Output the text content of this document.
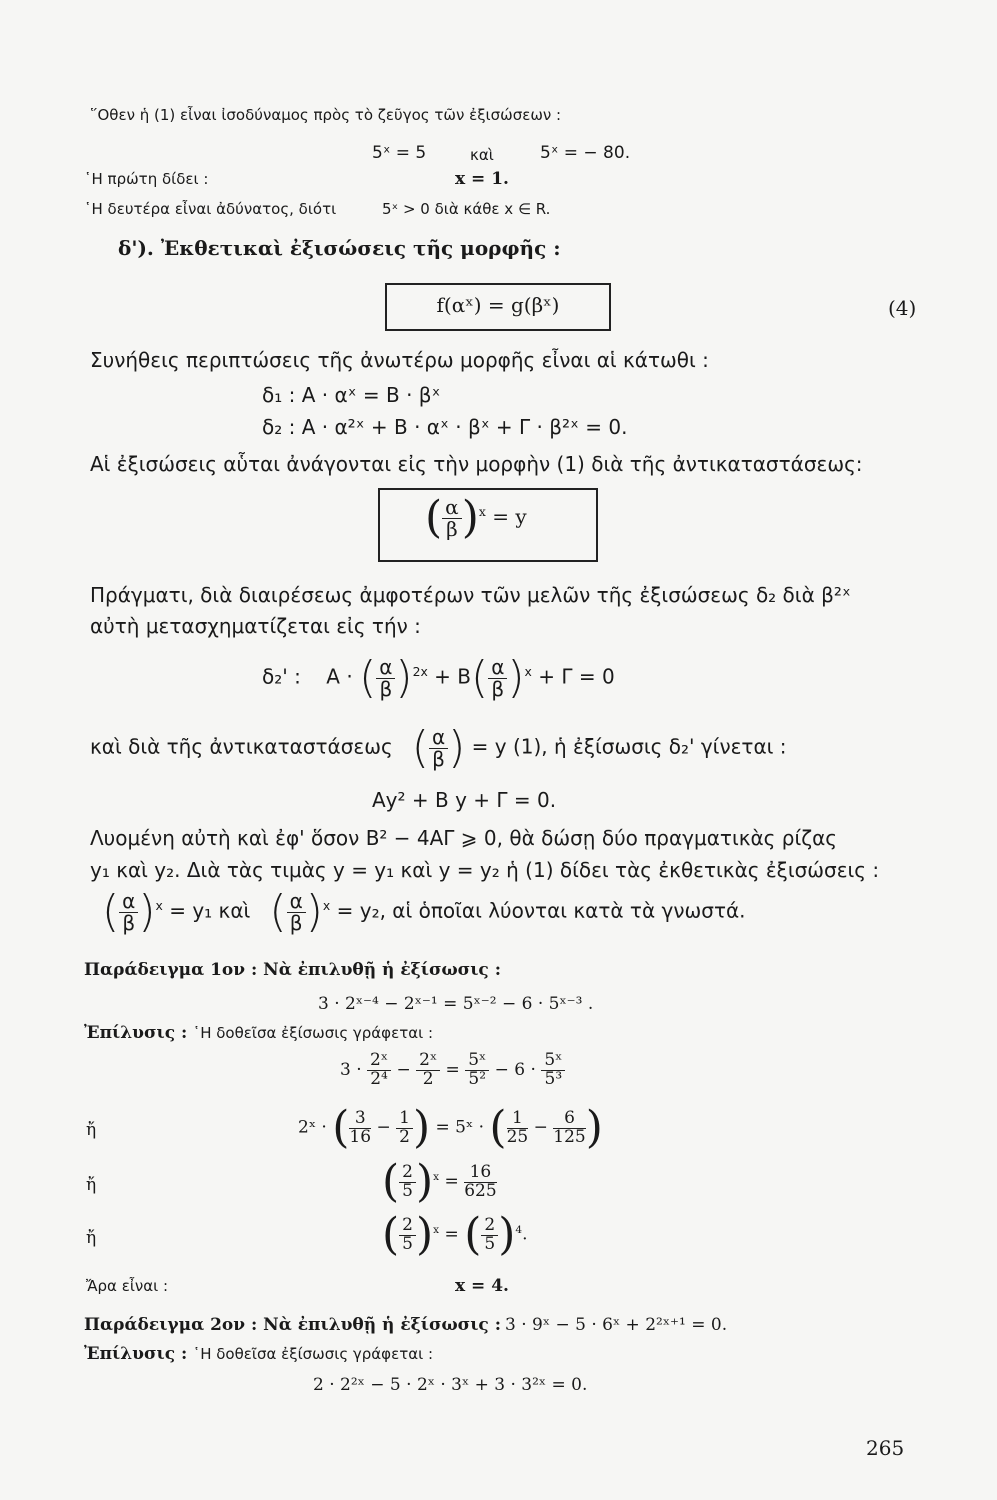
῞Οθεν ἡ (1) εἶναι ἰσοδύναμος πρὸς τὸ ζεῦγος τῶν ἐξισώσεων :
5ˣ = 5	καὶ	5ˣ = − 80.
῾Η πρώτη δίδει :	x = 1.
῾Η δευτέρα εἶναι ἀδύνατος, διότι	5ˣ > 0 διὰ κάθε x ∈ R.
δ'). Ἐκθετικαὶ ἐξισώσεις τῆς μορφῆς :
f(αˣ) = g(βˣ)	(4)
Συνήθεις περιπτώσεις τῆς ἀνωτέρω μορφῆς εἶναι αἱ κάτωθι :
δ₁ : Α · αˣ = Β · βˣ
δ₂ : Α · α²ˣ + Β · αˣ · βˣ + Γ · β²ˣ = 0.
Αἱ ἐξισώσεις αὗται ἀνάγονται εἰς τὴν μορφὴν (1) διὰ τῆς ἀντικαταστάσεως:
( $\frac{\alpha}{\beta} )^x = y$
Πράγματι, διὰ διαιρέσεως ἀμφοτέρων τῶν μελῶν τῆς ἐξισώσεως δ₂ διὰ β²ˣ
αὐτὴ μετασχηματίζεται εἰς τήν :
δ₂' : Α · ( $\frac{\alpha}{\beta} )^{2x} + B( \frac{\alpha}{\beta} )^x + \Gamma = 0$
καὶ διὰ τῆς ἀντικαταστάσεως ( $\frac{\alpha}{\beta}$ ) = y (1), ἡ ἐξίσωσις δ₂' γίνεται :
Αy² + Β y + Γ = 0.
Λυομένη αὐτὴ καὶ ἐφ' ὅσον Β² − 4ΑΓ ⩾ 0, θὰ δώσῃ δύο πραγματικὰς ρίζας
y₁ καὶ y₂. Διὰ τὰς τιμὰς y = y₁ καὶ y = y₂ ἡ (1) δίδει τὰς ἐκθετικὰς ἐξισώσεις :
( $\frac{\alpha}{\beta} )^x = y_1$ καὶ ( $\frac{\alpha}{\beta} )^x = y_2$, αἱ ὁποῖαι λύονται κατὰ τὰ γνωστά.
Παράδειγμα 1ον : Νὰ ἐπιλυθῇ ἡ ἐξίσωσις :
3 · 2ˣ⁻⁴ − 2ˣ⁻¹ = 5ˣ⁻² − 6 · 5ˣ⁻³ .
Ἐπίλυσις : ῾Η δοθεῖσα ἐξίσωσις γράφεται :
$3 \cdot \frac{\text{2ˣ}}{\text{2⁴}} - \frac{\text{2ˣ}}{2} = \frac{\text{5ˣ}}{\text{5²}} - 6 \cdot \frac{\text{5ˣ}}{\text{5³}}$
ἤ	2ˣ · ( $\frac{3}{16} - \frac{1}{2}$ ) = 5ˣ · ( $\frac{1}{25} - \frac{6}{125}$ )
ἤ	( $\frac{2}{5} )^x = \frac{16}{625}$
ἤ	( $\frac{2}{5} )^x$ = ( $\frac{2}{5} )^4$.
Ἄρα εἶναι :	x = 4.
Παράδειγμα 2ον : Νὰ ἐπιλυθῇ ἡ ἐξίσωσις : 3 · 9ˣ − 5 · 6ˣ + 2²ˣ⁺¹ = 0.
Ἐπίλυσις : ῾Η δοθεῖσα ἐξίσωσις γράφεται :
2 · 2²ˣ − 5 · 2ˣ · 3ˣ + 3 · 3²ˣ = 0.
265
